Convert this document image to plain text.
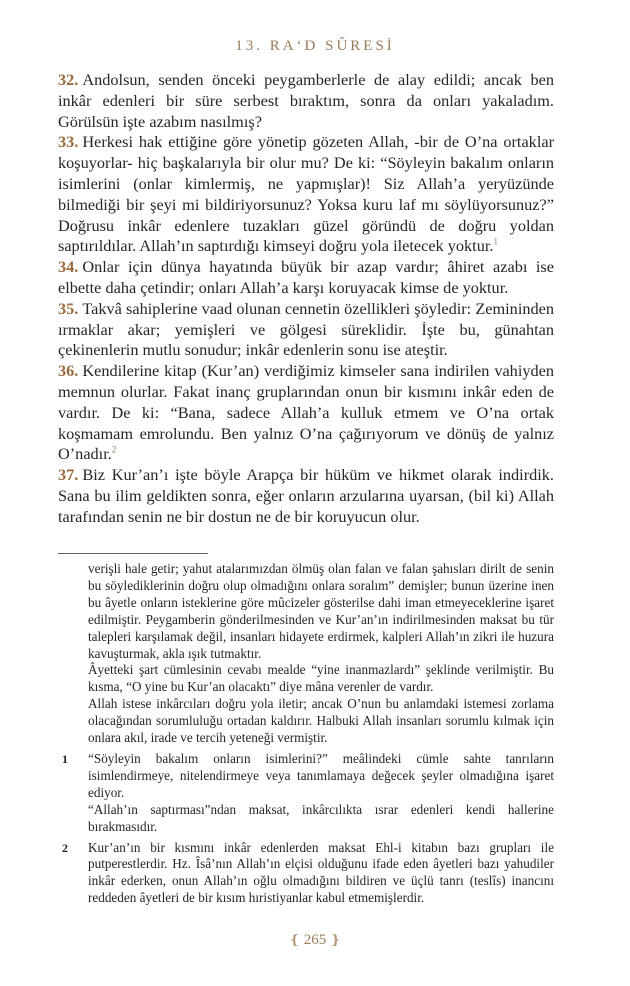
13. RA‘D SÛRESİ

32. Andolsun, senden önceki peygamberlerle de alay edildi; ancak ben inkâr edenleri bir süre serbest bıraktım, sonra da onları yakaladım. Görülsün işte azabım nasılmış?

33. Herkesi hak ettiğine göre yönetip gözeten Allah, -bir de O’na ortaklar koşuyorlar- hiç başkalarıyla bir olur mu? De ki: “Söyleyin bakalım onların isimlerini (onlar kimlermiş, ne yapmışlar)! Siz Allah’a yeryüzünde bilmediği bir şeyi mi bildiriyorsunuz? Yoksa kuru laf mı söylüyorsunuz?” Doğrusu inkâr edenlere tuzakları güzel göründü de doğru yoldan saptırıldılar. Allah’ın saptırdığı kimseyi doğru yola iletecek yoktur.$^1$

34. Onlar için dünya hayatında büyük bir azap vardır; âhiret azabı ise elbette daha çetindir; onları Allah’a karşı koruyacak kimse de yoktur.

35. Takvâ sahiplerine vaad olunan cennetin özellikleri şöyledir: Zemininden ırmaklar akar; yemişleri ve gölgesi süreklidir. İşte bu, günahtan çekinenlerin mutlu sonudur; inkâr edenlerin sonu ise ateştir.

36. Kendilerine kitap (Kur’an) verdiğimiz kimseler sana indirilen vahiyden memnun olurlar. Fakat inanç gruplarından onun bir kısmını inkâr eden de vardır. De ki: “Bana, sadece Allah’a kulluk etmem ve O’na ortak koşmamam emrolundu. Ben yalnız O’na çağırıyorum ve dönüş de yalnız O’nadır.$^2$

37. Biz Kur’an’ı işte böyle Arapça bir hüküm ve hikmet olarak indirdik. Sana bu ilim geldikten sonra, eğer onların arzularına uyarsan, (bil ki) Allah tarafından senin ne bir dostun ne de bir koruyucun olur.

verişli hale getir; yahut atalarımızdan ölmüş olan falan ve falan şahısları dirilt de senin bu söylediklerinin doğru olup olmadığını onlara soralım” demişler; bunun üzerine inen bu âyetle onların isteklerine göre mûcizeler gösterilse dahi iman etmeyeceklerine işaret edilmiştir. Peygamberin gönderilmesinden ve Kur’an’ın indirilmesinden maksat bu tür talepleri karşılamak değil, insanları hidayete erdirmek, kalpleri Allah’ın zikri ile huzura kavuşturmak, akla ışık tutmaktır.

Âyetteki şart cümlesinin cevabı mealde “yine inanmazlardı” şeklinde verilmiştir. Bu kısma, “O yine bu Kur’an olacaktı” diye mâna verenler de vardır.

Allah istese inkârcıları doğru yola iletir; ancak O’nun bu anlamdaki istemesi zorlama olacağından sorumluluğu ortadan kaldırır. Halbuki Allah insanları sorumlu kılmak için onlara akıl, irade ve tercih yeteneği vermiştir.

1 “Söyleyin bakalım onların isimlerini?” meâlindeki cümle sahte tanrıların isimlendirmeye, nitelendirmeye veya tanımlamaya değecek şeyler olmadığına işaret ediyor.

“Allah’ın saptırması”ndan maksat, inkârcılıkta ısrar edenleri kendi hallerine bırakmasıdır.

2 Kur’an’ın bir kısmını inkâr edenlerden maksat Ehl-i kitabın bazı grupları ile putperestlerdir. Hz. Îsâ’nın Allah’ın elçisi olduğunu ifade eden âyetleri bazı yahudiler inkâr ederken, onun Allah’ın oğlu olmadığını bildiren ve üçlü tanrı (teslîs) inancını reddeden âyetleri de bir kısım hıristiyanlar kabul etmemişlerdir.

❴ 265 ❵
